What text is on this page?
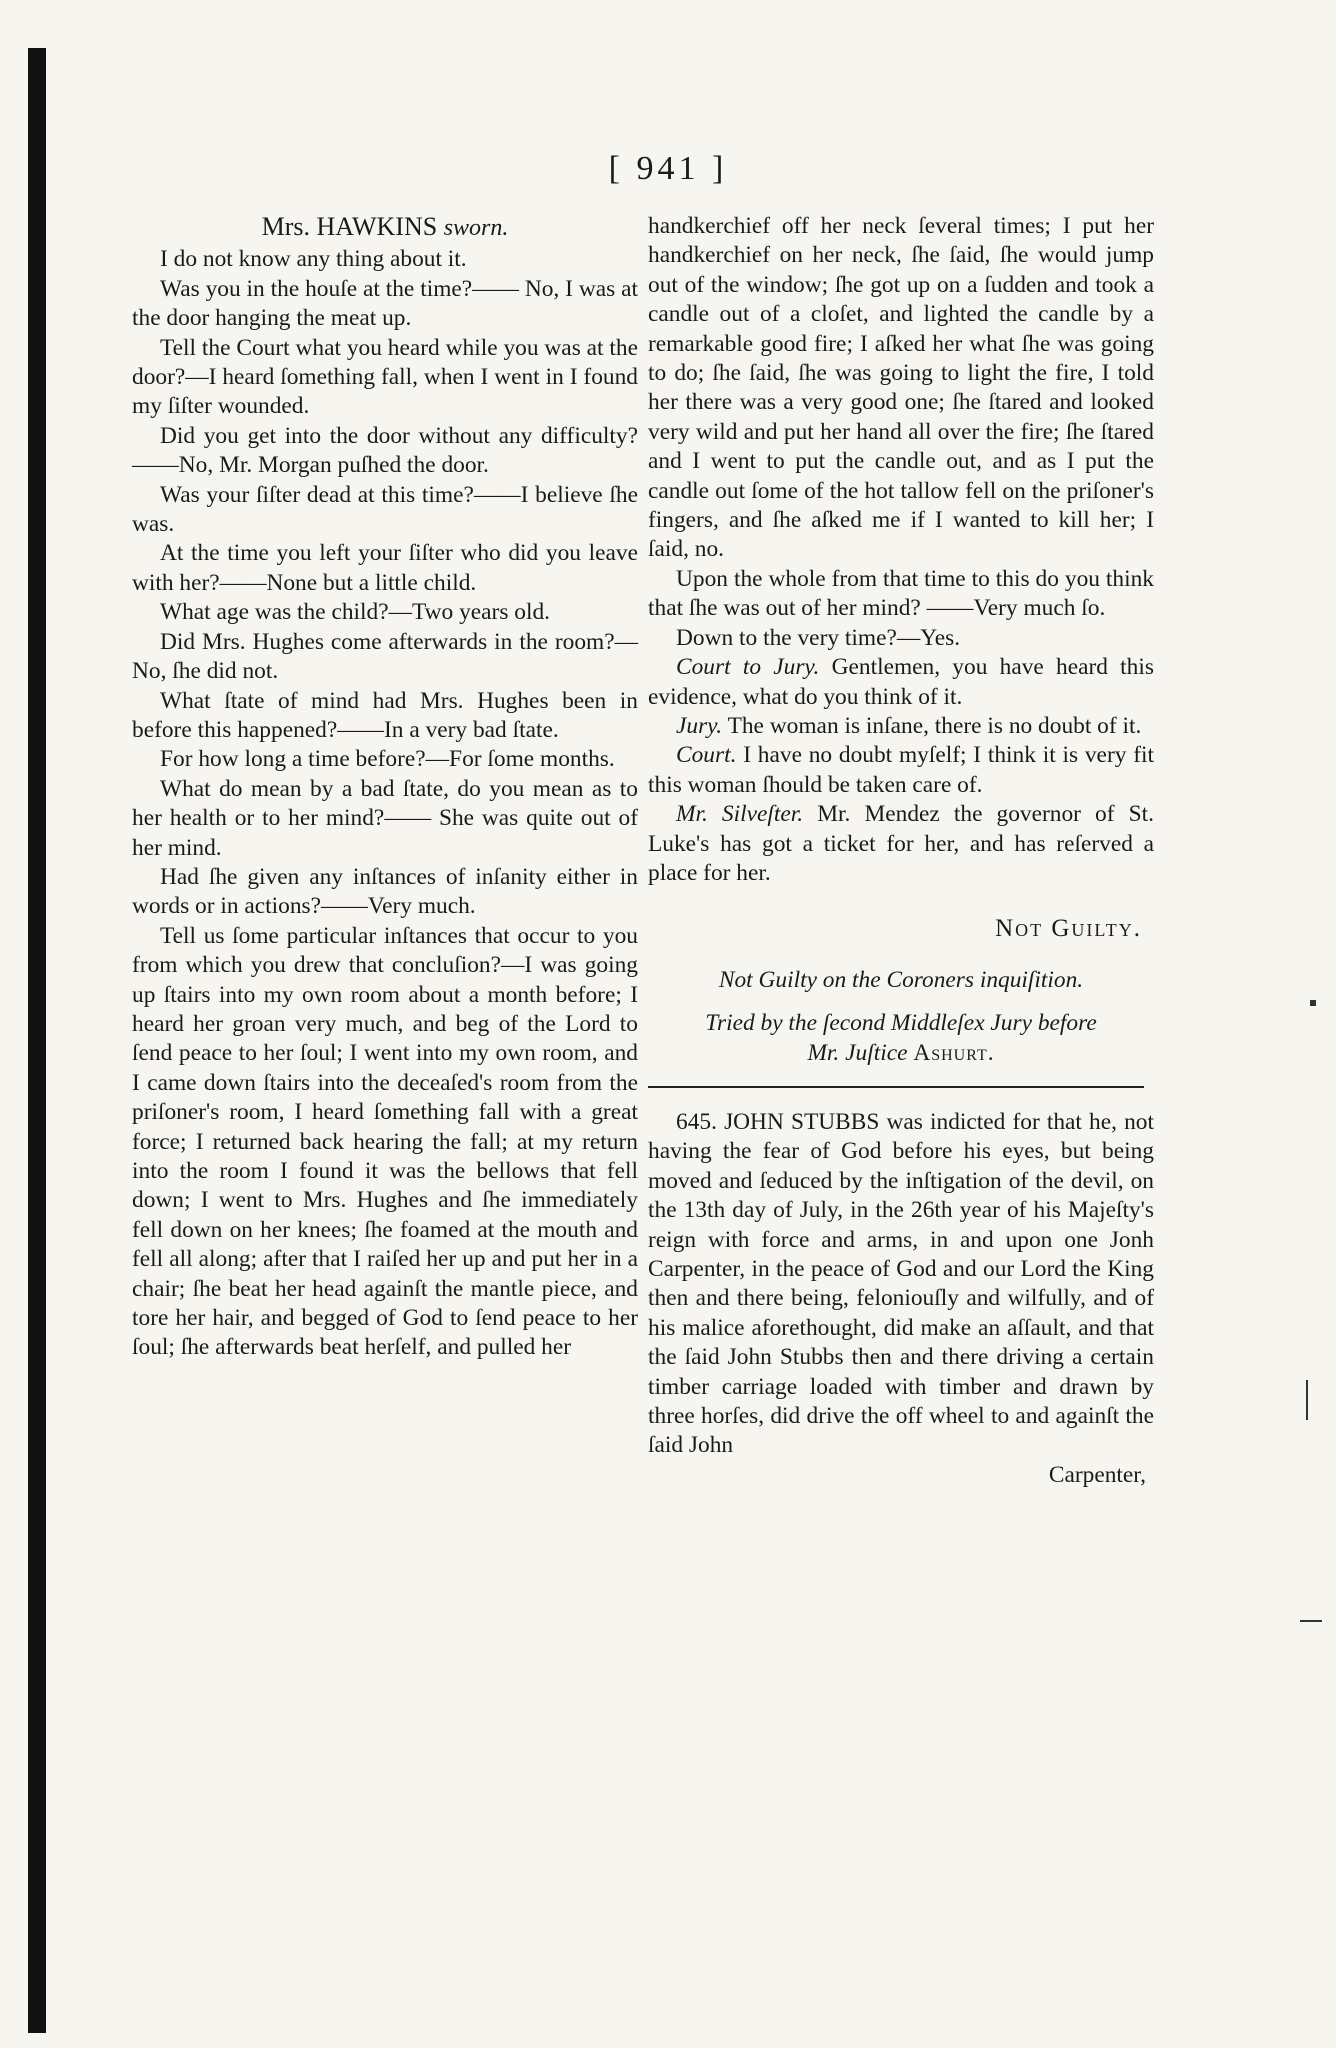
[ 941 ]
Mrs. HAWKINS sworn.

I do not know any thing about it.

Was you in the houſe at the time?—— No, I was at the door hanging the meat up.

Tell the Court what you heard while you was at the door?—I heard ſomething fall, when I went in I found my ſiſter wounded.

Did you get into the door without any difficulty?——No, Mr. Morgan puſhed the door.

Was your ſiſter dead at this time?——I believe ſhe was.

At the time you left your ſiſter who did you leave with her?——None but a little child.

What age was the child?—Two years old.

Did Mrs. Hughes come afterwards in the room?—No, ſhe did not.

What ſtate of mind had Mrs. Hughes been in before this happened?——In a very bad ſtate.

For how long a time before?—For ſome months.

What do mean by a bad ſtate, do you mean as to her health or to her mind?—— She was quite out of her mind.

Had ſhe given any inſtances of inſanity either in words or in actions?——Very much.

Tell us ſome particular inſtances that occur to you from which you drew that concluſion?—I was going up ſtairs into my own room about a month before; I heard her groan very much, and beg of the Lord to ſend peace to her ſoul; I went into my own room, and I came down ſtairs into the deceaſed's room from the priſoner's room, I heard ſomething fall with a great force; I returned back hearing the fall; at my return into the room I found it was the bellows that fell down; I went to Mrs. Hughes and ſhe immediately fell down on her knees; ſhe foamed at the mouth and fell all along; after that I raiſed her up and put her in a chair; ſhe beat her head againſt the mantle piece, and tore her hair, and begged of God to ſend peace to her ſoul; ſhe afterwards beat herſelf, and pulled her

handkerchief off her neck ſeveral times; I put her handkerchief on her neck, ſhe ſaid, ſhe would jump out of the window; ſhe got up on a ſudden and took a candle out of a cloſet, and lighted the candle by a remarkable good fire; I aſked her what ſhe was going to do; ſhe ſaid, ſhe was going to light the fire, I told her there was a very good one; ſhe ſtared and looked very wild and put her hand all over the fire; ſhe ſtared and I went to put the candle out, and as I put the candle out ſome of the hot tallow fell on the priſoner's fingers, and ſhe aſked me if I wanted to kill her; I ſaid, no.

Upon the whole from that time to this do you think that ſhe was out of her mind? ——Very much ſo.

Down to the very time?—Yes.

Court to Jury. Gentlemen, you have heard this evidence, what do you think of it.

Jury. The woman is inſane, there is no doubt of it.

Court. I have no doubt myſelf; I think it is very fit this woman ſhould be taken care of.

Mr. Silveſter. Mr. Mendez the governor of St. Luke's has got a ticket for her, and has reſerved a place for her.

Not Guilty.
Not Guilty on the Coroners inquiſition.
Tried by the ſecond Middleſex Jury before
Mr. Juſtice Ashurt.

645. JOHN STUBBS was indicted for that he, not having the fear of God before his eyes, but being moved and ſeduced by the inſtigation of the devil, on the 13th day of July, in the 26th year of his Majeſty's reign with force and arms, in and upon one Jonh Carpenter, in the peace of God and our Lord the King then and there being, feloniouſly and wilfully, and of his malice aforethought, did make an aſſault, and that the ſaid John Stubbs then and there driving a certain timber carriage loaded with timber and drawn by three horſes, did drive the off wheel to and againſt the ſaid John

Carpenter,
